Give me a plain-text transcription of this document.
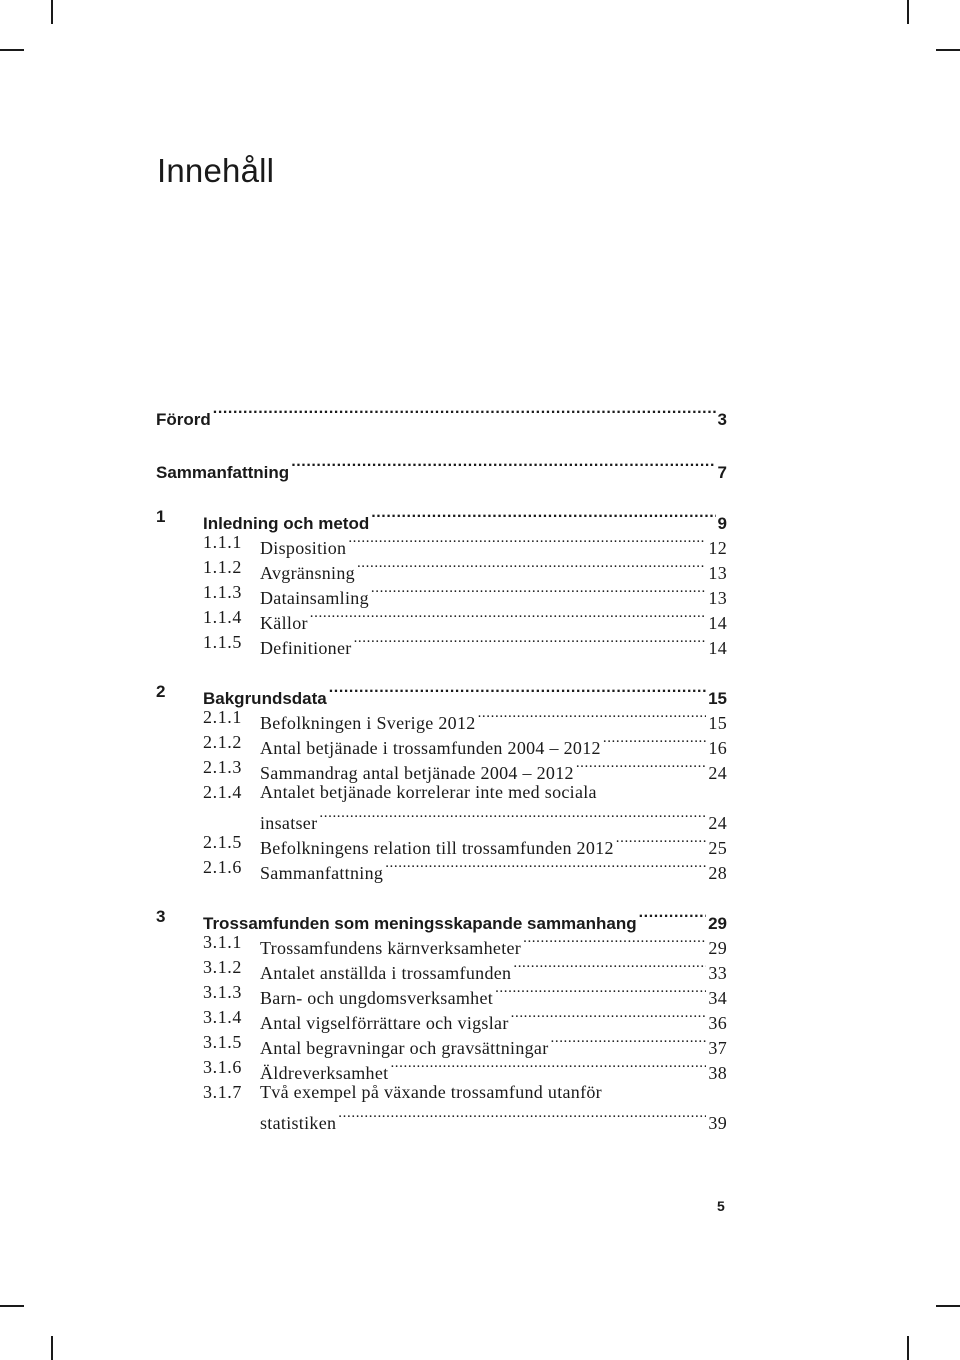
Innehåll
Förord .....	3
Sammanfattning .....	7
1 Inledning och metod .....	9
1.1.1 Disposition .....	12
1.1.2 Avgränsning .....	13
1.1.3 Datainsamling .....	13
1.1.4 Källor .....	14
1.1.5 Definitioner .....	14
2 Bakgrundsdata .....	15
2.1.1 Befolkningen i Sverige 2012 .....	15
2.1.2 Antal betjänade i trossamfunden 2004 – 2012 .....	16
2.1.3 Sammandrag antal betjänade 2004 – 2012 .....	24
2.1.4 Antalet betjänade korrelerar inte med sociala
insatser .....	24
2.1.5 Befolkningens relation till trossamfunden 2012 .....	25
2.1.6 Sammanfattning .....	28
3 Trossamfunden som meningsskapande sammanhang .....	29
3.1.1 Trossamfundens kärnverksamheter .....	29
3.1.2 Antalet anställda i trossamfunden .....	33
3.1.3 Barn- och ungdomsverksamhet .....	34
3.1.4 Antal vigselförrättare och vigslar .....	36
3.1.5 Antal begravningar och gravsättningar .....	37
3.1.6 Äldreverksamhet .....	38
3.1.7 Två exempel på växande trossamfund utanför
statistiken .....	39
5
